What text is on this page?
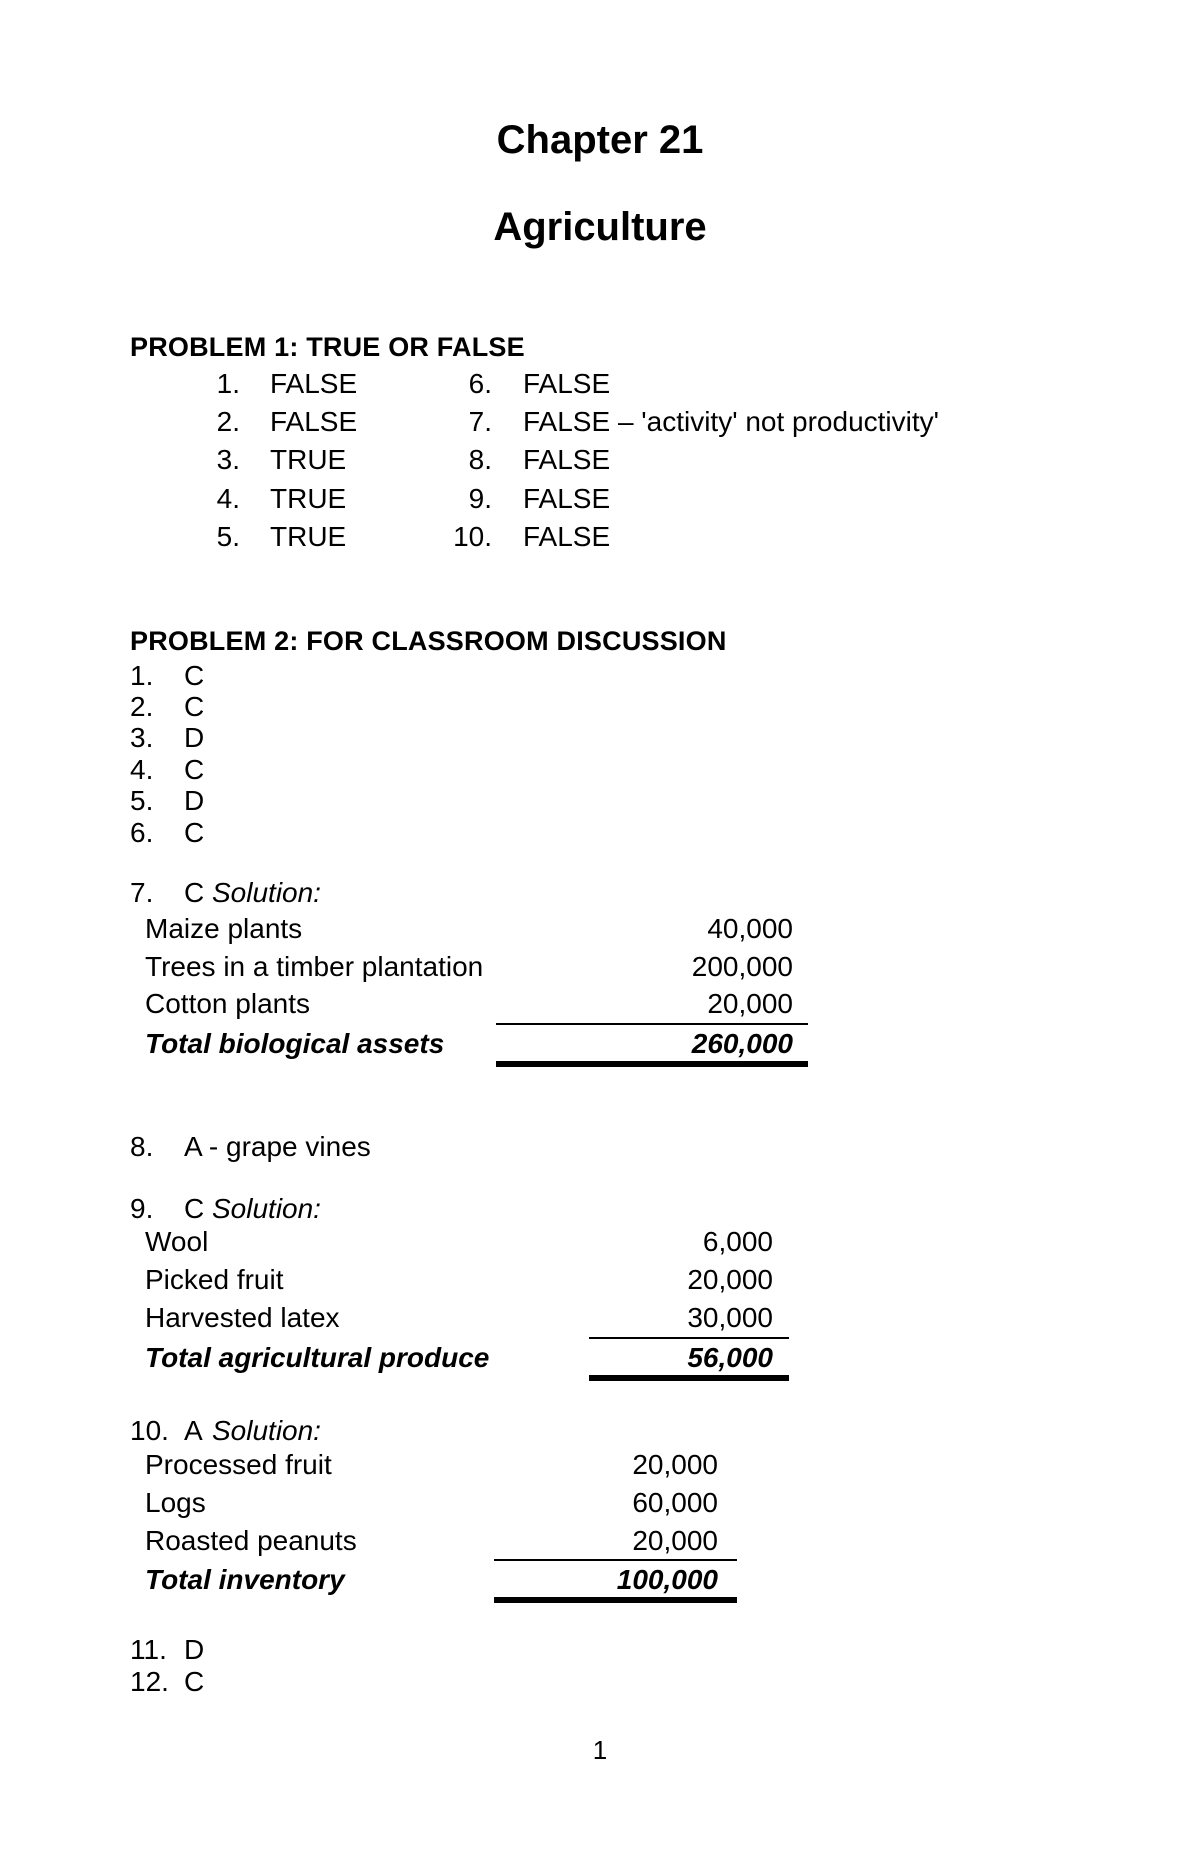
Chapter 21
Agriculture
PROBLEM 1: TRUE OR FALSE
1. FALSE
2. FALSE
3. TRUE
4. TRUE
5. TRUE
6. FALSE
7. FALSE – 'activity' not productivity'
8. FALSE
9. FALSE
10. FALSE
PROBLEM 2: FOR CLASSROOM DISCUSSION
1. C
2. C
3. D
4. C
5. D
6. C
7. C Solution:
Maize plants	40,000
Trees in a timber plantation	200,000
Cotton plants	20,000
Total biological assets	260,000
8. A - grape vines
9. C Solution:
Wool	6,000
Picked fruit	20,000
Harvested latex	30,000
Total agricultural produce	56,000
10. A Solution:
Processed fruit	20,000
Logs	60,000
Roasted peanuts	20,000
Total inventory	100,000
11. D
12. C
1
